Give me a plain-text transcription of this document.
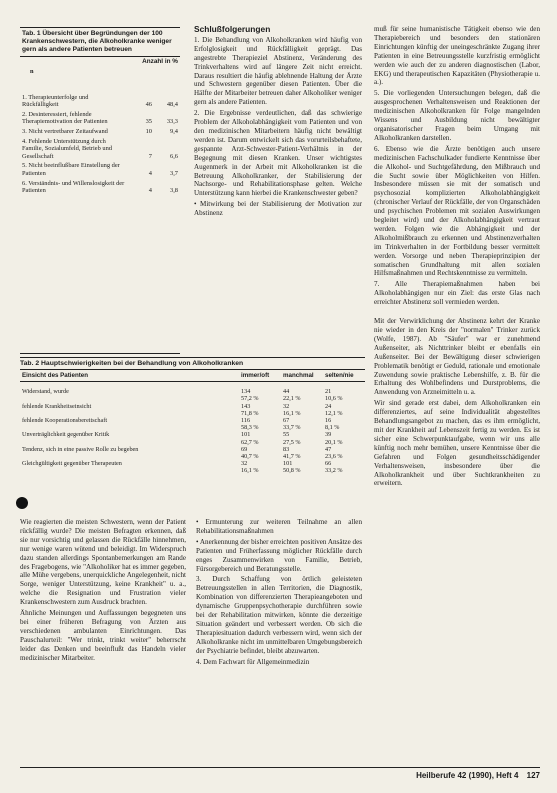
Tab. 1 Übersicht über Begründungen der 100 Krankenschwestern, die Alkoholkranke weniger gern als andere Patienten betreuen
	Anzahl in %	
n		

1. Therapieunterfolge und Rückfälligkeit	46	48,4
2. Desinteressiert, fehlende Therapiemotivation der Patienten	35	33,3
3. Nicht vertretbarer Zeitaufwand	10	9,4
4. Fehlende Unterstützung durch Familie, Sozialumfeld, Betrieb und Gesellschaft	7	6,6
5. Nicht beeinflußbare Einstellung der Patienten	4	3,7
6. Verständnis- und Willenslosigkeit der Patienten	4	3,8
Schlußfolgerungen

1. Die Behandlung von Alkoholkranken wird häufig von Erfolglosigkeit und Rückfälligkeit geprägt. Das angestrebte Therapieziel Abstinenz, Veränderung des Trinkverhaltens wird auf längere Zeit nicht erreicht. Daraus resultiert die häufig ablehnende Haltung der Ärzte und Schwestern gegenüber diesen Patienten. Über die Hälfte der Mitarbeiter betreuen daher Alkoholiker weniger gern als andere Patienten.

2. Die Ergebnisse verdeutlichen, daß das schwierige Problem der Alkoholabhängigkeit vom Patienten und von den medizinischen Mitarbeitern häufig nicht bewältigt werden ist. Darum entwickelt sich das vorurteilsbehaftete, gespannte Arzt-Schwester-Patient-Verhältnis in der Begegnung mit diesen Kranken. Unser wichtigstes Augenmerk in der Arbeit mit Alkoholkranken ist die Betreuung Alkoholkranker, der Stabilisierung der Nachsorge- und Rehabilitationsphase gelten. Welche Unterstützung kann hierbei die Krankenschwester geben?

• Mitwirkung bei der Stabilisierung der Motivation zur Abstinenz

muß für seine humanistische Tätigkeit ebenso wie den Therapiebereich und besonders den stationären Einrichtungen künftig der uneingeschränkte Zugang ihrer Patienten in eine Betreuungsstelle kurzfristig ermöglicht werden wie auch der zu anderen diagnostischen (Labor, EKG) und therapeutischen Kapazitäten (Physiotherapie u. a.).

5. Die vorliegenden Untersuchungen belegen, daß die ausgesprochenen Verhaltensweisen und Reaktionen der medizinischen Alkoholkranken für Folge mangelnden Wissens und Ausbildung nicht bewältigter organisatorischer Fragen beim Umgang mit Alkoholkranken darstellen.

6. Ebenso wie die Ärzte benötigen auch unsere medizinischen Fachschulkader fundierte Kenntnisse über die Alkohol- und Suchtgefährdung, den Mißbrauch und die Sucht sowie über Möglichkeiten von Hilfen. Insbesondere müssen sie mit der somatisch und psychosozial komplizierten Alkoholabhängigkeit (chronischer Verlauf der Rückfälle, der von Organschäden und psychischen Problemen mit sozialen Auswirkungen begleitet wird) und der Alkoholabhängigkeit vertraut werden. Folgen wie die Abhängigkeit und der Alkoholmißbrauch zu erkennen und Abstinenzverhalten im Trinkverhalten in der Fortbildung besser vermittelt werden. Vorsorge und neben Therapieprinzipien der somatischen Grundhaltung mit allen sozialen Hilfsmaßnahmen und Rechtskenntnisse zu vermitteln.

7. Alle Therapiemaßnahmen haben bei Alkoholabhängigen nur ein Ziel: das erste Glas nach erreichter Abstinenz soll vermieden werden.

Mit der Verwirklichung der Abstinenz kehrt der Kranke nie wieder in den Kreis der "normalen" Trinker zurück (Wolfe, 1987). Ab "Säufer" war er zunehmend Außenseiter, als Nichttrinker bleibt er ebenfalls ein Außenseiter. Bei der Bewältigung dieser schwierigen Problematik benötigt er Geduld, rationale und emotionale Zuwendung sowie praktische Lebenshilfe, z. B. für die Erhaltung des Wohlbefindens und Durstproblems, die Anwendung von Arzneimitteln u. a.

Wir sind gerade erst dabei, dem Alkoholkranken ein differenziertes, auf seine Individualität abgestelltes Behandlungsangebot zu machen, das es ihm ermöglicht, mit der Krankheit auf Lebenszeit fertig zu werden. Es ist sicher eine Schwerpunktaufgabe, wenn wir uns alle künftig noch mehr bemühen, unsere Kenntnisse über die Gefahren und Folgen gesundheitsschädigender Verhaltensweisen, insbesondere über die Alkoholkrankheit und über Suchtkrankheiten zu erweitern.

Tab. 2 Hauptschwierigkeiten bei der Behandlung von Alkoholkranken
Einsicht des Patienten	immer/oft	manchmal	selten/nie

Widerstand, wurde	134	44	21
	57,2 %	22,1 %	10,6 %
fehlende Krankheitseinsicht	143	32	24
	71,8 %	16,1 %	12,1 %
fehlende Kooperationsbereitschaft	116	67	16
	58,3 %	33,7 %	8,1 %
Unverträglichkeit gegenüber Kritik	101	55	39
	62,7 %	27,5 %	20,1 %
Tendenz, sich in eine passive Rolle zu begeben	69	83	47
	40,7 %	41,7 %	23,6 %
Gleichgültigkeit gegenüber Therapeuten	32	101	66
	16,1 %	50,8 %	33,2 %

Wie reagierten die meisten Schwestern, wenn der Patient rückfällig wurde? Die meisten Befragten erkennen, daß sie nur vorsichtig und gelassen die Rückfälle hinnehmen, nur wenige waren wütend und beleidigt. Im Widerspruch dazu standen allerdings Spontanbemerkungen am Rande des Fragebogens, wie "Alkoholiker hat es immer gegeben, alle Mühe vergebens, unerquickliche Angelegenheit, nicht Sorge, weniger Unterstützung, keine Krankheit" u. a., welche die Resignation und Frustration vieler Krankenschwestern zum Ausdruck brachten.

Ähnliche Meinungen und Auffassungen begegneten uns bei einer früheren Befragung von Ärzten aus verschiedenen ambulanten Einrichtungen. Das Pauschalurteil: "Wer trinkt, trinkt weiter" beherrscht leider das Denken und beeinflußt das Handeln vieler medizinischer Mitarbeiter.

• Ermunterung zur weiteren Teilnahme an allen Rehabilitationsmaßnahmen

• Anerkennung der bisher erreichten positiven Ansätze des Patienten und Früherfassung möglicher Rückfälle durch enges Zusammenwirken von Familie, Betrieb, Fürsorgebereich und Beratungsstelle.

3. Durch Schaffung von örtlich geleisteten Betreuungsstellen in allen Territorien, die Diagnostik, Kombination von differenzierten Therapieangeboten und dynamische Gruppenpsychotherapie durchführen sowie bei der Rehabilitation mitwirken, könnte die derzeitige Situation geändert und verbessert werden. Ob sich die Therapiesituation dadurch verbessern wird, wenn sich der Alkoholkranke nicht im unmittelbaren Umgebungsbereich der Psychiatrie befindet, bleibt abzuwarten.

4. Dem Fachwart für Allgemeinmedizin

Heilberufe 42 (1990), Heft 4 127
